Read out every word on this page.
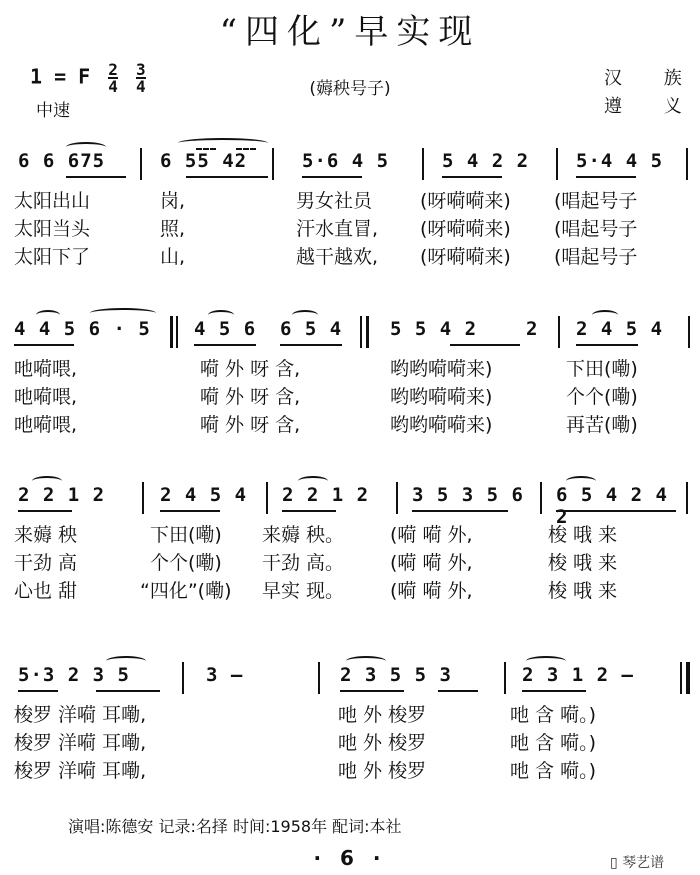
“四化”早实现
1 = F $\frac{2}{4} \frac{3}{4}$
中速
(薅秧号子)	汉 族
遵 义
6 6 675	6 55 42	5·6 4 5	5 4 2 2 5·4 4 5
太阳出山	岗,	男女社员	(呀嗬嗬来) (唱起号子
太阳当头	照,	汗水直冒, (呀嗬嗬来) (唱起号子
太阳下了	山,	越干越欢, (呀嗬嗬来) (唱起号子
4 4 5 6 · 5 4 5 6 6 5 4	5 5 4 2	2 2 4 5 4
吔嗬喂,	嗬 外 呀 含,	哟哟嗬嗬来)	下田(嘞)
吔嗬喂,	嗬 外 呀 含,	哟哟嗬嗬来)	个个(嘞)
吔嗬喂,	嗬 外 呀 含,	哟哟嗬嗬来)	再苦(嘞)
2 2 1 2	2 4 5 4 2 2 1 2 3 5 3 5 6 6 5 4 2 4 2
来薅 秧	下田(嘞) 来薅 秧。 (嗬 嗬 外,	梭 哦 来
干劲 高	个个(嘞) 干劲 高。 (嗬 嗬 外,	梭 哦 来
心也 甜	“四化”(嘞) 早实 现。 (嗬 嗬 外,	梭 哦 来
5·3 2 3 5	3 —	2 3 5 5 3	2 3 1 2 —
梭罗 洋嗬 耳嘞,	吔 外 梭罗	吔 含 嗬。)
梭罗 洋嗬 耳嘞,	吔 外 梭罗	吔 含 嗬。)
梭罗 洋嗬 耳嘞,	吔 外 梭罗	吔 含 嗬。)
演唱:陈德安 记录:名择 时间:1958年 配词:本社
· 6 ·	▯ 琴艺谱
